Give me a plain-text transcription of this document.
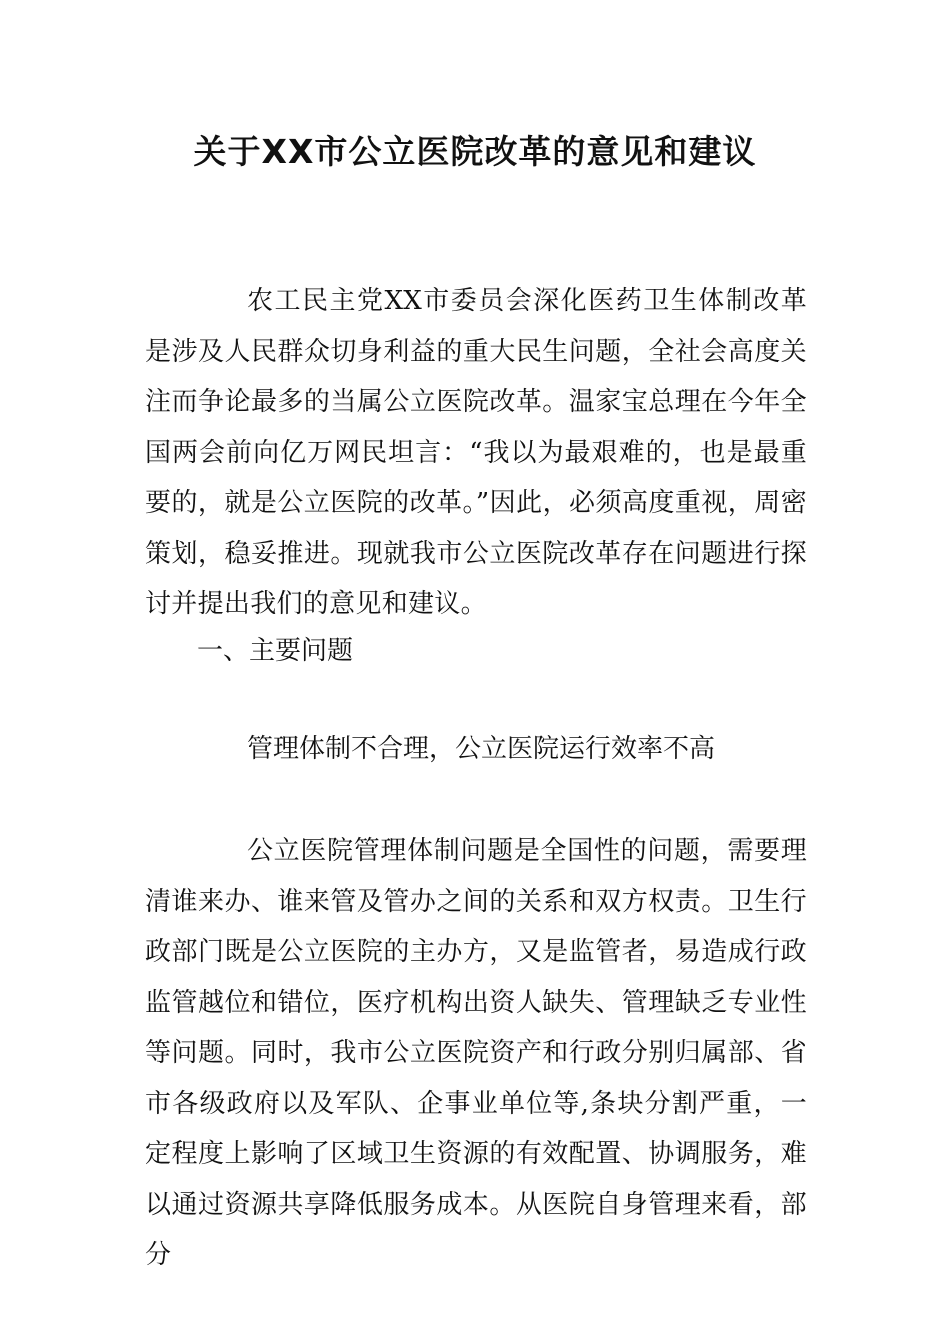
关于XX市公立医院改革的意见和建议

农工民主党XX市委员会深化医药卫生体制改革是涉及人民群众切身利益的重大民生问题，全社会高度关注而争论最多的当属公立医院改革。温家宝总理在今年全国两会前向亿万网民坦言：“我以为最艰难的，也是最重要的，就是公立医院的改革。”因此，必须高度重视，周密策划，稳妥推进。现就我市公立医院改革存在问题进行探讨并提出我们的意见和建议。

一、主要问题

管理体制不合理，公立医院运行效率不高

公立医院管理体制问题是全国性的问题，需要理清谁来办、谁来管及管办之间的关系和双方权责。卫生行政部门既是公立医院的主办方，又是监管者，易造成行政监管越位和错位，医疗机构出资人缺失、管理缺乏专业性等问题。同时，我市公立医院资产和行政分别归属部、省市各级政府以及军队、企事业单位等,条块分割严重，一定程度上影响了区域卫生资源的有效配置、协调服务，难以通过资源共享降低服务成本。从医院自身管理来看，部分
